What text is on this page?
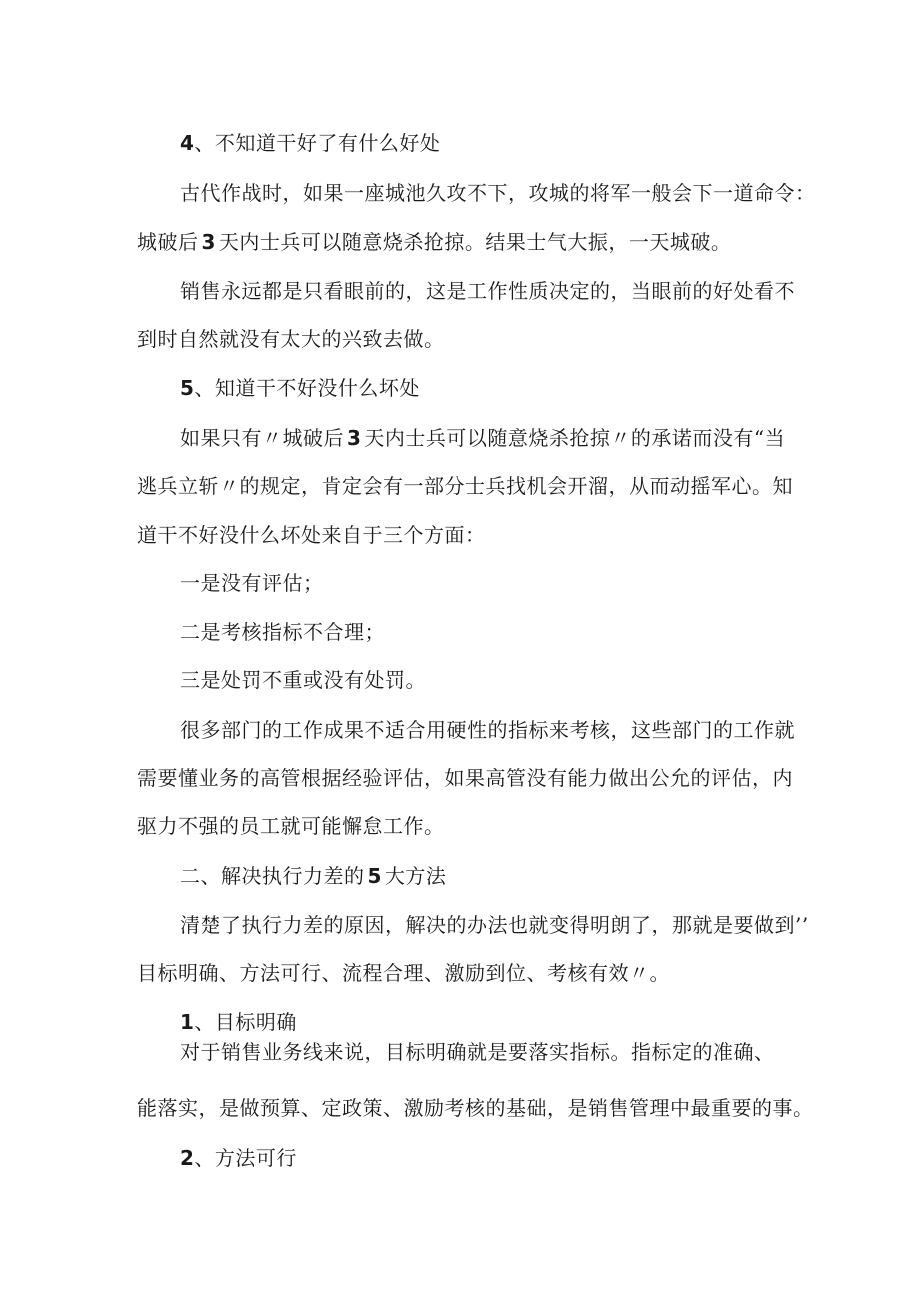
4、不知道干好了有什么好处
古代作战时，如果一座城池久攻不下，攻城的将军一般会下一道命令：
城破后 3 天内士兵可以随意烧杀抢掠。结果士气大振，一天城破。
销售永远都是只看眼前的，这是工作性质决定的，当眼前的好处看不
到时自然就没有太大的兴致去做。
5、知道干不好没什么坏处
如果只有〃城破后 3 天内士兵可以随意烧杀抢掠〃的承诺而没有“当
逃兵立斩〃的规定，肯定会有一部分士兵找机会开溜，从而动摇军心。知
道干不好没什么坏处来自于三个方面：
一是没有评估；
二是考核指标不合理；
三是处罚不重或没有处罚。
很多部门的工作成果不适合用硬性的指标来考核，这些部门的工作就
需要懂业务的高管根据经验评估，如果高管没有能力做出公允的评估，内
驱力不强的员工就可能懈怠工作。
二、解决执行力差的 5 大方法
清楚了执行力差的原因，解决的办法也就变得明朗了，那就是要做到’’
目标明确、方法可行、流程合理、激励到位、考核有效〃。
1、目标明确
对于销售业务线来说，目标明确就是要落实指标。指标定的准确、
能落实，是做预算、定政策、激励考核的基础，是销售管理中最重要的事。
2、方法可行
